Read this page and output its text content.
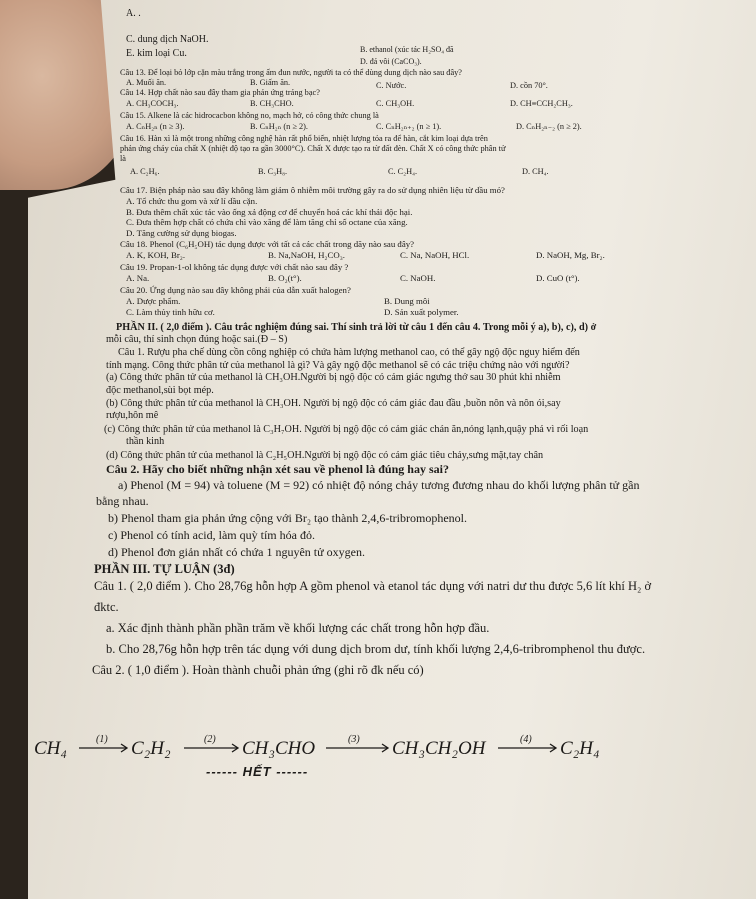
A. .
C. dung dịch NaOH.
B. ethanol (xúc tác H₂SO₄ đã
E. kim loại Cu.
D. đá vôi (CaCO₃).
Câu 13. Để loại bỏ lớp cặn màu trắng trong ấm đun nước, người ta có thể dùng dung dịch nào sau đây?
A. Muối ăn.	B. Giấm ăn.	C. Nước.	D. cồn 70°.
Câu 14. Hợp chất nào sau đây tham gia phản ứng tráng bạc?
A. CH₃COCH₃.	B. CH₃CHO.	C. CH₃OH.	D. CH≡CCH₂CH₃.
Câu 15. Alkene là các hidrocacbon không no, mạch hở, có công thức chung là
A. CₙH₂ₙ (n ≥ 3).	B. CₙH₂ₙ (n ≥ 2).	C. CₙH₂ₙ₊₂ (n ≥ 1).	D. CₙH₂ₙ₋₂ (n ≥ 2).
Câu 16. Hàn xì là một trong những công nghệ hàn rất phổ biến, nhiệt lượng tỏa ra để hàn, cắt kim loại dựa trên
phản ứng cháy của chất X (nhiệt độ tạo ra gần 3000°C). Chất X được tạo ra từ đất đèn. Chất X có công thức phân tử
là
A. C₂H₆.	B. C₃H₈.	C. C₂H₄.	D. CH₄.
Câu 17. Biện pháp nào sau đây không làm giảm ô nhiễm môi trường gây ra do sử dụng nhiên liệu từ dầu mỏ?
A. Tổ chức thu gom và xử lí dầu cặn.
B. Đưa thêm chất xúc tác vào ống xả động cơ để chuyển hoá các khí thải độc hại.
C. Đưa thêm hợp chất có chứa chì vào xăng để làm tăng chỉ số octane của xăng.
D. Tăng cường sử dụng biogas.
Câu 18. Phenol (C₆H₅OH) tác dụng được với tất cả các chất trong dãy nào sau đây?
A. K, KOH, Br₂.	B. Na,NaOH, H₂CO₃.	C. Na, NaOH, HCl.	D. NaOH, Mg, Br₂.
Câu 19. Propan-1-ol không tác dụng được với chất nào sau đây ?
A. Na.	B. O₂(t°).	C. NaOH.	D. CuO (t°).
Câu 20. Ứng dụng nào sau đây không phải của dẫn xuất halogen?
A. Dược phẩm.	B. Dung môi
C. Làm thủy tinh hữu cơ.	D. Sản xuất polymer.
PHẦN II. ( 2,0 điểm ). Câu trắc nghiệm đúng sai. Thí sinh trả lời từ câu 1 đến câu 4. Trong mỗi ý a), b), c), d) ở
mỗi câu, thí sinh chọn đúng hoặc sai.(Đ – S)
Câu 1. Rượu pha chế dùng cồn công nghiệp có chứa hàm lượng methanol cao, có thể gây ngộ độc nguy hiểm đến
tính mạng. Công thức phân tử của methanol là gì? Và gây ngộ độc methanol sẽ có các triệu chứng nào với người?
(a) Công thức phân tử của methanol là CH₃OH.Người bị ngộ độc có cảm giác ngưng thở sau 30 phút khi nhiễm
độc methanol,sùi bọt mép.
(b) Công thức phân tử của methanol là CH₃OH. Người bị ngộ độc có cảm giác đau đầu ,buồn nôn và nôn ói,say
rượu,hôn mê
(c) Công thức phân tử của methanol là C₃H₇OH. Người bị ngộ độc có cảm giác chán ăn,nóng lạnh,quậy phá vì rối loạn
thần kinh
(d) Công thức phân tử của methanol là C₂H₅OH.Người bị ngộ độc có cảm giác tiêu chảy,sưng mặt,tay chân
Câu 2. Hãy cho biết những nhận xét sau về phenol là đúng hay sai?
a) Phenol (M = 94) và toluene (M = 92) có nhiệt độ nóng chảy tương đương nhau do khối lượng phân tử gần
bằng nhau.
b) Phenol tham gia phản ứng cộng với Br₂ tạo thành 2,4,6-tribromophenol.
c) Phenol có tính acid, làm quỳ tím hóa đỏ.
d) Phenol đơn giản nhất có chứa 1 nguyên tử oxygen.
PHẦN III. TỰ LUẬN (3đ)
Câu 1. ( 2,0 điểm ). Cho 28,76g hỗn hợp A gồm phenol và etanol tác dụng với natri dư thu được 5,6 lít khí H₂ ở
đktc.
a. Xác định thành phần phần trăm về khối lượng các chất trong hỗn hợp đầu.
b. Cho 28,76g hỗn hợp trên tác dụng với dung dịch brom dư, tính khối lượng 2,4,6-tribromphenol thu được.
Câu 2. ( 1,0 điểm ). Hoàn thành chuỗi phản ứng (ghi rõ đk nếu có)
CH₄	C₂H₂	CH₃CHO	CH₃CH₂OH	C₂H₄
(1)	(2)	(3)	(4)
------ HẾT ------
